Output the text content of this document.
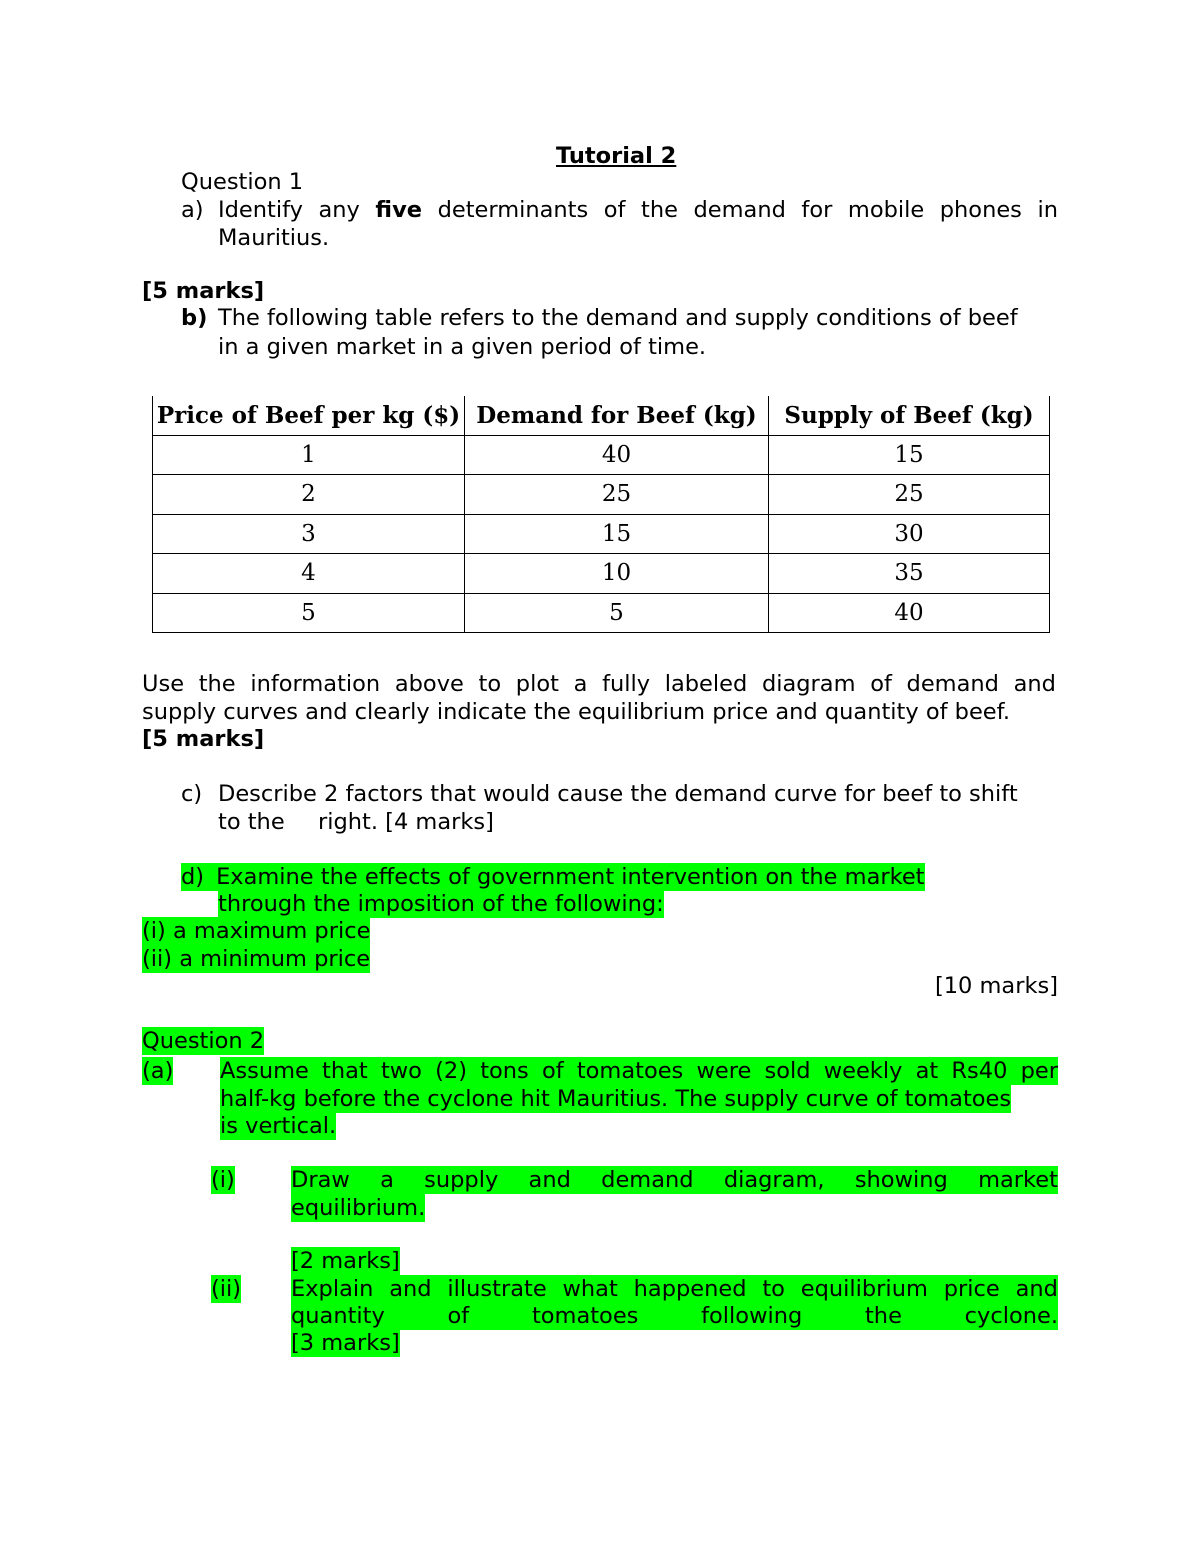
Tutorial 2
Question 1
a) Identify any five determinants of the demand for mobile phones in
Mauritius.
[5 marks]
b) The following table refers to the demand and supply conditions of beef
in a given market in a given period of time.
Price of Beef per kg ($)	Demand for Beef (kg)	Supply of Beef (kg)
1	40	15
2	25	25
3	15	30
4	10	35
5	5	40
Use the information above to plot a fully labeled diagram of demand and
supply curves and clearly indicate the equilibrium price and quantity of beef.
[5 marks]
c) Describe 2 factors that would cause the demand curve for beef to shift
to the right. [4 marks]
d) Examine the effects of government intervention on the market
through the imposition of the following:
(i) a maximum price
(ii) a minimum price
[10 marks]
Question 2
(a) Assume that two (2) tons of tomatoes were sold weekly at Rs40 per
half-kg before the cyclone hit Mauritius. The supply curve of tomatoes
is vertical.
(i) Draw a supply and demand diagram, showing market
equilibrium.
[2 marks]
(ii) Explain and illustrate what happened to equilibrium price and
quantity	of	tomatoes	following	the	cyclone.
[3 marks]
